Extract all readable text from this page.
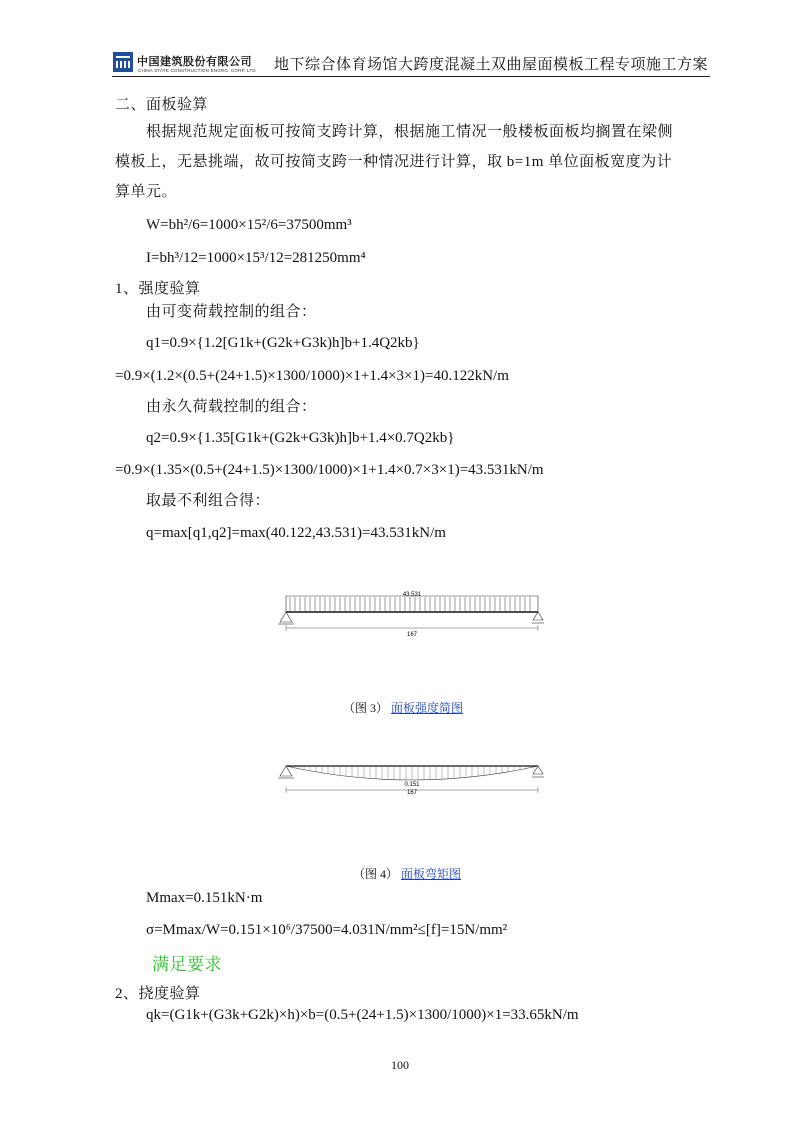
中国建筑股份有限公司
CHINA STATE CONSTRUCTION ENGRG. CORP. LTD 地下综合体育场馆大跨度混凝土双曲屋面模板工程专项施工方案
二、面板验算
根据规范规定面板可按简支跨计算，根据施工情况一般楼板面板均搁置在梁侧
模板上，无悬挑端，故可按简支跨一种情况进行计算，取 b=1m 单位面板宽度为计
算单元。
W=bh²/6=1000×15²/6=37500mm³
I=bh³/12=1000×15³/12=281250mm⁴
1、强度验算
由可变荷载控制的组合：
q1=0.9×{1.2[G1k+(G2k+G3k)h]b+1.4Q2kb}
=0.9×(1.2×(0.5+(24+1.5)×1300/1000)×1+1.4×3×1)=40.122kN/m
由永久荷载控制的组合：
q2=0.9×{1.35[G1k+(G2k+G3k)h]b+1.4×0.7Q2kb}
=0.9×(1.35×(0.5+(24+1.5)×1300/1000)×1+1.4×0.7×3×1)=43.531kN/m
取最不利组合得：
q=max[q1,q2]=max(40.122,43.531)=43.531kN/m
43.531
167
（图 3） 面板强度简图
0.151
167
（图 4） 面板弯矩图
Mmax=0.151kN·m
σ=Mmax/W=0.151×10⁶/37500=4.031N/mm²≤[f]=15N/mm²
满足要求
2、挠度验算
qk=(G1k+(G3k+G2k)×h)×b=(0.5+(24+1.5)×1300/1000)×1=33.65kN/m
100
